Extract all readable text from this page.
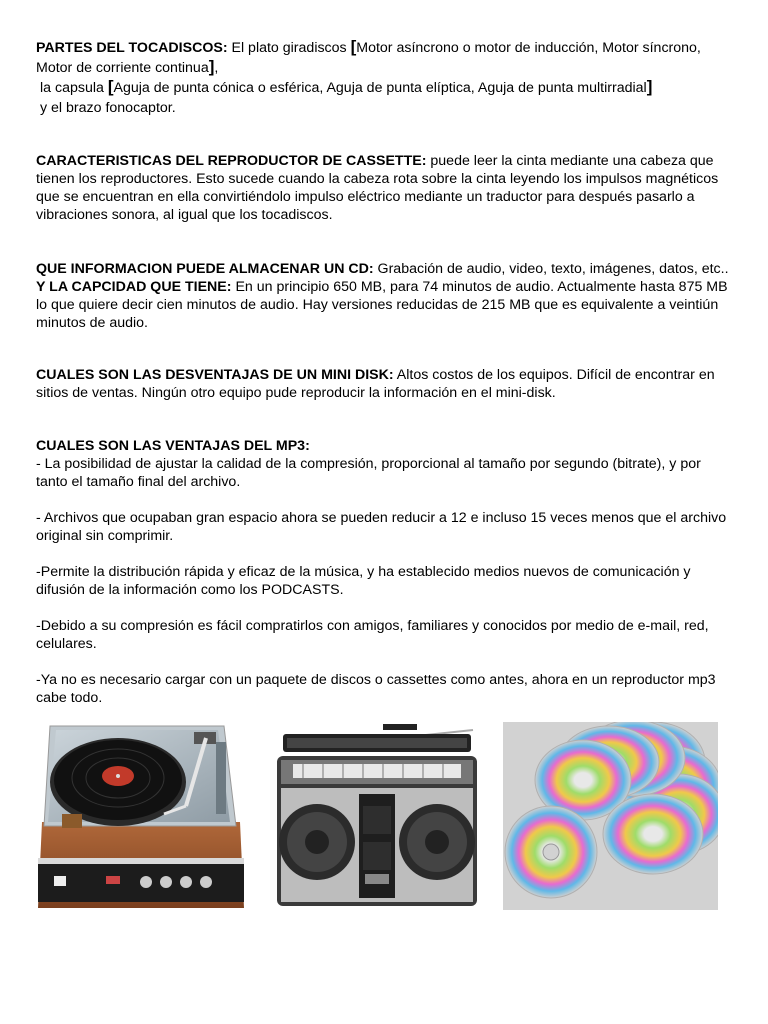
PARTES DEL TOCADISCOS: El plato giradiscos [Motor asíncrono o motor de inducción, Motor síncrono, Motor de corriente continua],
la capsula [Aguja de punta cónica o esférica, Aguja de punta elíptica, Aguja de punta multirradial]
y el brazo fonocaptor.
CARACTERISTICAS DEL REPRODUCTOR DE CASSETTE: puede leer la cinta mediante una cabeza que tienen los reproductores. Esto sucede cuando la cabeza rota sobre la cinta leyendo los impulsos magnéticos que se encuentran en ella convirtiéndolo impulso eléctrico mediante un traductor para después pasarlo a vibraciones sonora, al igual que los tocadiscos.
QUE INFORMACION PUEDE ALMACENAR UN CD: Grabación de audio, video, texto, imágenes, datos, etc.. Y LA CAPCIDAD QUE TIENE: En un principio 650 MB, para 74 minutos de audio. Actualmente hasta 875 MB lo que quiere decir cien minutos de audio. Hay versiones reducidas de 215 MB que es equivalente a veintiún minutos de audio.
CUALES SON LAS DESVENTAJAS DE UN MINI DISK: Altos costos de los equipos. Difícil de encontrar en sitios de ventas. Ningún otro equipo pude reproducir la información en el mini-disk.
CUALES SON LAS VENTAJAS DEL MP3:
- La posibilidad de ajustar la calidad de la compresión, proporcional al tamaño por segundo (bitrate), y por tanto el tamaño final del archivo.
- Archivos que ocupaban gran espacio ahora se pueden reducir a 12 e incluso 15 veces menos que el archivo original sin comprimir.
-Permite la distribución rápida y eficaz de la música, y ha establecido medios nuevos de comunicación y difusión de la información como los PODCASTS.
-Debido a su compresión es fácil compratirlos con amigos, familiares y conocidos por medio de e-mail, red, celulares.
-Ya no es necesario cargar con un paquete de discos o cassettes como antes, ahora en un reproductor mp3 cabe todo.
